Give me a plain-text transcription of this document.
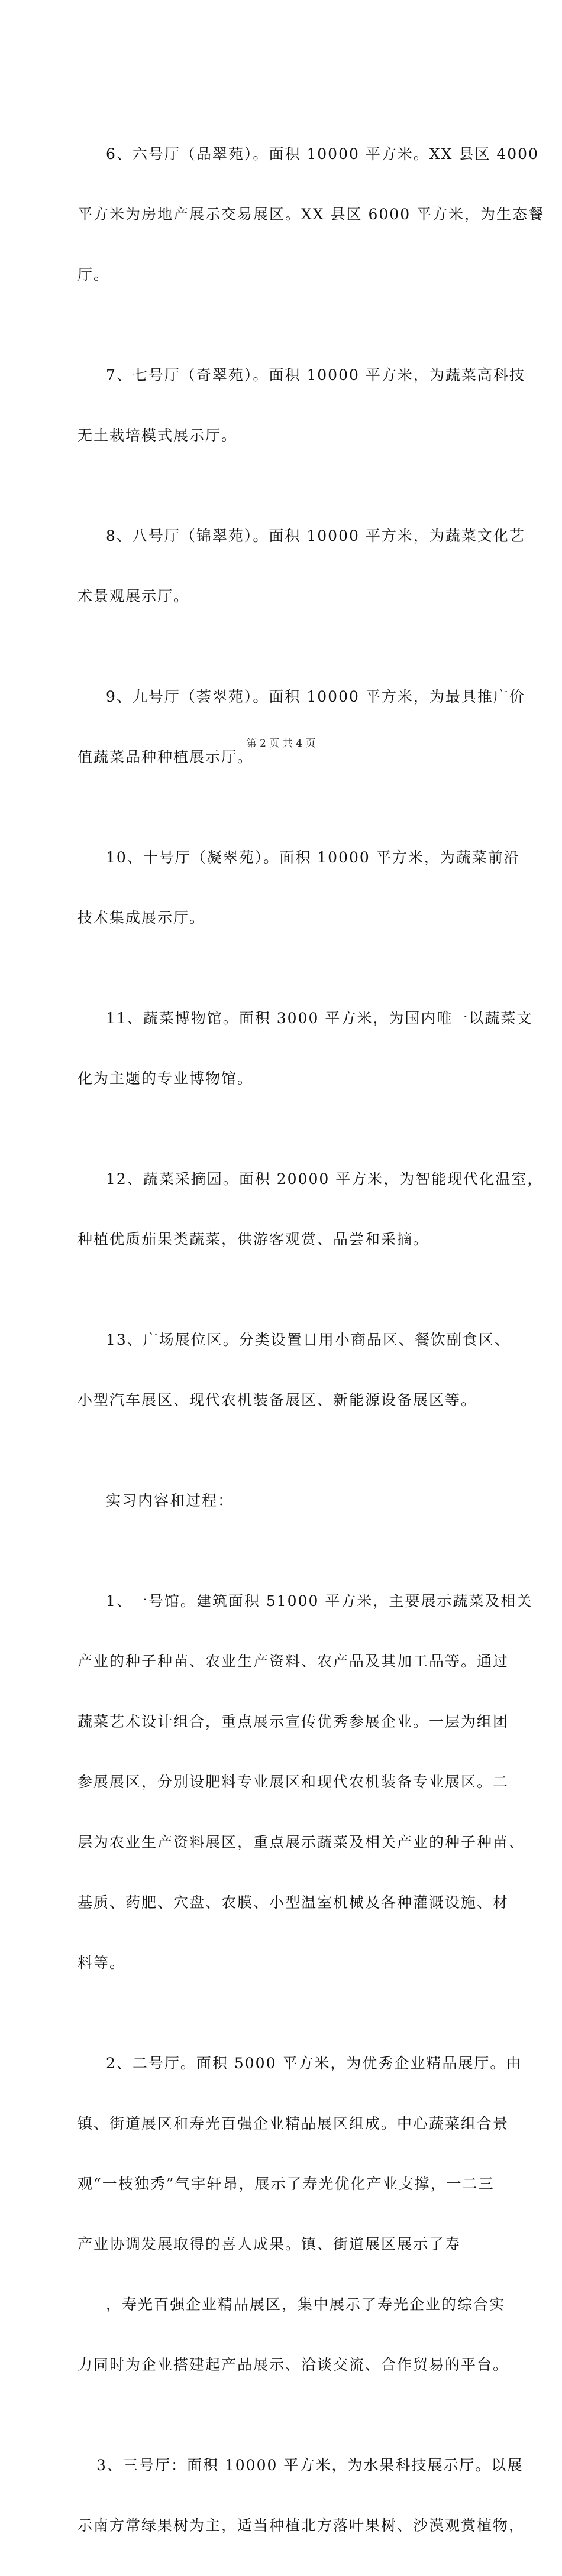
6、六号厅（品翠苑）。面积 10000 平方米。XX 县区 4000

平方米为房地产展示交易展区。XX 县区 6000 平方米，为生态餐

厅。

7、七号厅（奇翠苑）。面积 10000 平方米，为蔬菜高科技

无土栽培模式展示厅。

8、八号厅（锦翠苑）。面积 10000 平方米，为蔬菜文化艺

术景观展示厅。

9、九号厅（荟翠苑）。面积 10000 平方米，为最具推广价

值蔬菜品种种植展示厅。

10、十号厅（凝翠苑）。面积 10000 平方米，为蔬菜前沿

技术集成展示厅。

11、蔬菜博物馆。面积 3000 平方米，为国内唯一以蔬菜文

化为主题的专业博物馆。

12、蔬菜采摘园。面积 20000 平方米，为智能现代化温室，

种植优质茄果类蔬菜，供游客观赏、品尝和采摘。

13、广场展位区。分类设置日用小商品区、餐饮副食区、

小型汽车展区、现代农机装备展区、新能源设备展区等。

实习内容和过程：

1、一号馆。建筑面积 51000 平方米，主要展示蔬菜及相关

产业的种子种苗、农业生产资料、农产品及其加工品等。通过

蔬菜艺术设计组合，重点展示宣传优秀参展企业。一层为组团

参展展区，分别设肥料专业展区和现代农机装备专业展区。二

层为农业生产资料展区，重点展示蔬菜及相关产业的种子种苗、

基质、药肥、穴盘、农膜、小型温室机械及各种灌溉设施、材

料等。

2、二号厅。面积 5000 平方米，为优秀企业精品展厅。由

镇、街道展区和寿光百强企业精品展区组成。中心蔬菜组合景

观“一枝独秀”气宇轩昂，展示了寿光优化产业支撑，一二三

产业协调发展取得的喜人成果。镇、街道展区展示了寿

，寿光百强企业精品展区，集中展示了寿光企业的综合实

力同时为企业搭建起产品展示、洽谈交流、合作贸易的平台。

3、三号厅：面积 10000 平方米，为水果科技展示厅。以展

示南方常绿果树为主，适当种植北方落叶果树、沙漠观赏植物，

第 2 页 共 4 页
